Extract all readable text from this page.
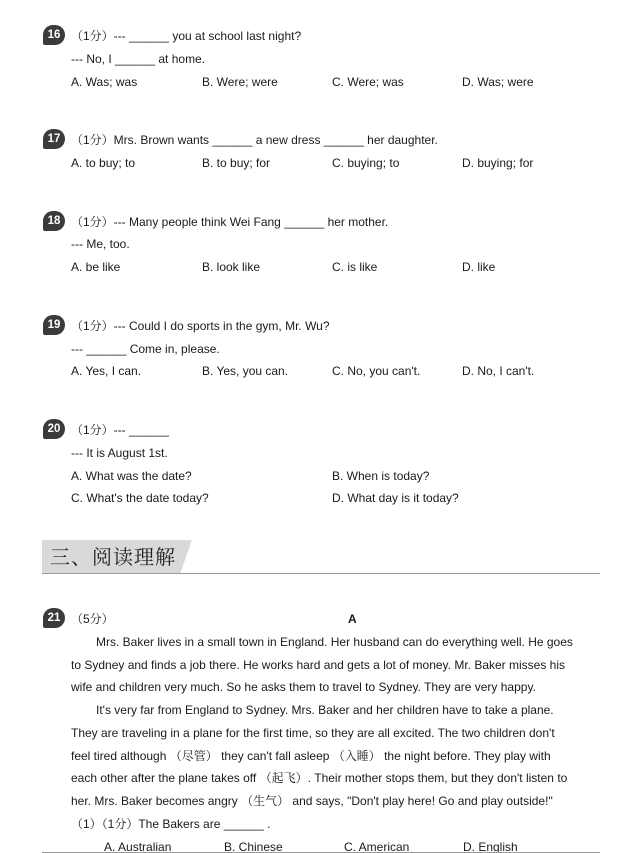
16 （1分）--- ______ you at school last night?
--- No, I ______ at home.
A. Was; was	B. Were; were	C. Were; was	D. Was; were
17 （1分）Mrs. Brown wants ______ a new dress ______ her daughter.
A. to buy; to	B. to buy; for	C. buying; to	D. buying; for
18 （1分）--- Many people think Wei Fang ______ her mother.
--- Me, too.
A. be like	B. look like	C. is like	D. like
19 （1分）--- Could I do sports in the gym, Mr. Wu?
--- ______ Come in, please.
A. Yes, I can.	B. Yes, you can.	C. No, you can't.	D. No, I can't.
20 （1分）--- ______
--- It is August 1st.
A. What was the date?	B. When is today?
C. What's the date today?	D. What day is it today?
三、阅读理解
21 （5分）	A
Mrs. Baker lives in a small town in England. Her husband can do everything well. He goes
to Sydney and finds a job there. He works hard and gets a lot of money. Mr. Baker misses his
wife and children very much. So he asks them to travel to Sydney. They are very happy.
It's very far from England to Sydney. Mrs. Baker and her children have to take a plane.
They are traveling in a plane for the first time, so they are all excited. The two children don't
feel tired although （尽管） they can't fall asleep （入睡） the night before. They play with
each other after the plane takes off （起飞）. Their mother stops them, but they don't listen to
her. Mrs. Baker becomes angry （生气） and says, "Don't play here! Go and play outside!"
（1）（1分）The Bakers are ______ .
A. Australian	B. Chinese	C. American	D. English
